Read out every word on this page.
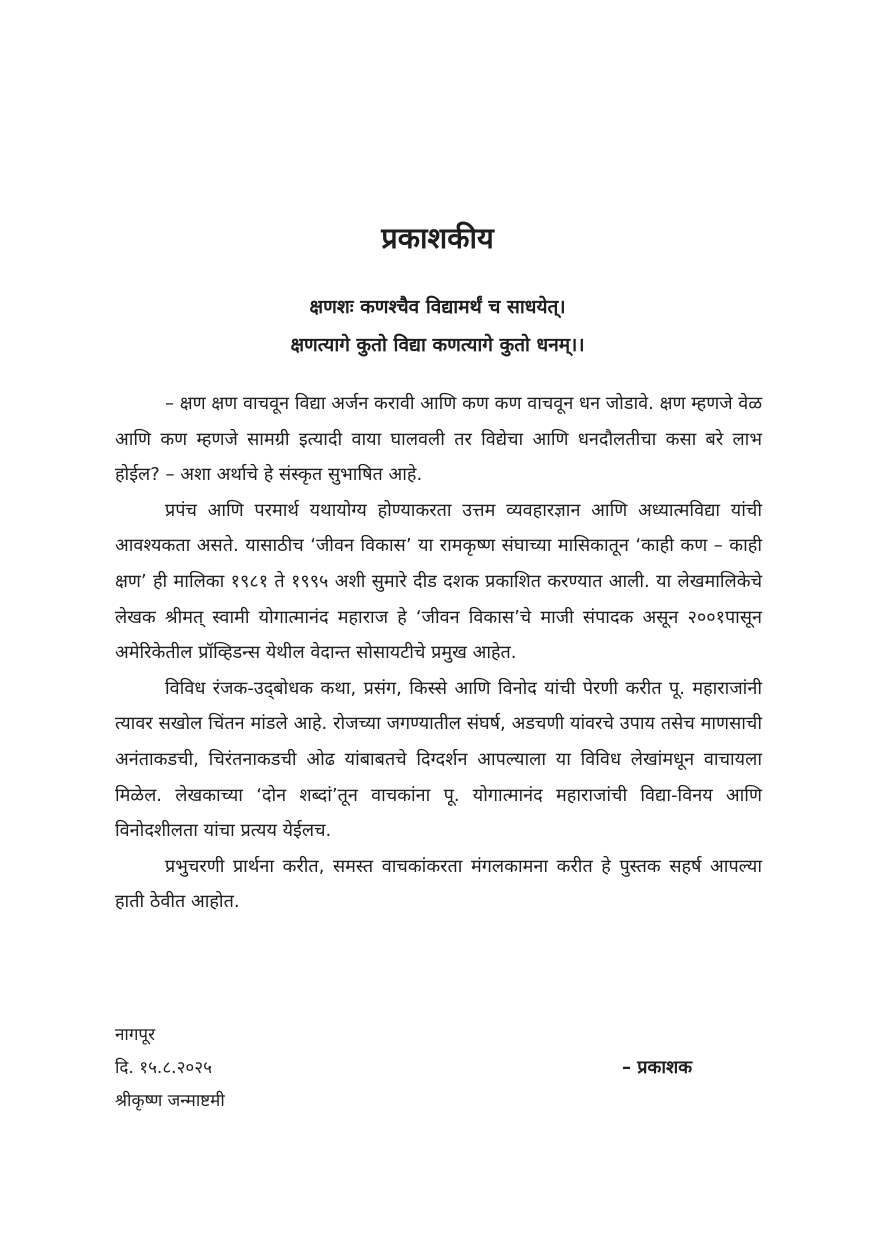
प्रकाशकीय
क्षणशः कणश्चैव विद्यामर्थं च साधयेत्।
क्षणत्यागे कुतो विद्या कणत्यागे कुतो धनम्।।

– क्षण क्षण वाचवून विद्या अर्जन करावी आणि कण कण वाचवून धन जोडावे. क्षण म्हणजे वेळ आणि कण म्हणजे सामग्री इत्यादी वाया घालवली तर विद्येचा आणि धनदौलतीचा कसा बरे लाभ होईल? – अशा अर्थाचे हे संस्कृत सुभाषित आहे.

प्रपंच आणि परमार्थ यथायोग्य होण्याकरता उत्तम व्यवहारज्ञान आणि अध्यात्मविद्या यांची आवश्यकता असते. यासाठीच ‘जीवन विकास’ या रामकृष्ण संघाच्या मासिकातून ‘काही कण – काही क्षण’ ही मालिका १९८१ ते १९९५ अशी सुमारे दीड दशक प्रकाशित करण्यात आली. या लेखमालिकेचे लेखक श्रीमत् स्वामी योगात्मानंद महाराज हे ‘जीवन विकास’चे माजी संपादक असून २००१पासून अमेरिकेतील प्रॉव्हिडन्स येथील वेदान्त सोसायटीचे प्रमुख आहेत.

विविध रंजक-उद्‌बोधक कथा, प्रसंग, किस्से आणि विनोद यांची पेरणी करीत पू. महाराजांनी त्यावर सखोल चिंतन मांडले आहे. रोजच्या जगण्यातील संघर्ष, अडचणी यांवरचे उपाय तसेच माणसाची अनंताकडची, चिरंतनाकडची ओढ यांबाबतचे दिग्दर्शन आपल्याला या विविध लेखांमधून वाचायला मिळेल. लेखकाच्या ‘दोन शब्दां’तून वाचकांना पू. योगात्मानंद महाराजांची विद्या-विनय आणि विनोदशीलता यांचा प्रत्यय येईलच.

प्रभुचरणी प्रार्थना करीत, समस्त वाचकांकरता मंगलकामना करीत हे पुस्तक सहर्ष आपल्या हाती ठेवीत आहोत.

नागपूर
दि. १५.८.२०२५
श्रीकृष्ण जन्माष्टमी
– प्रकाशक
